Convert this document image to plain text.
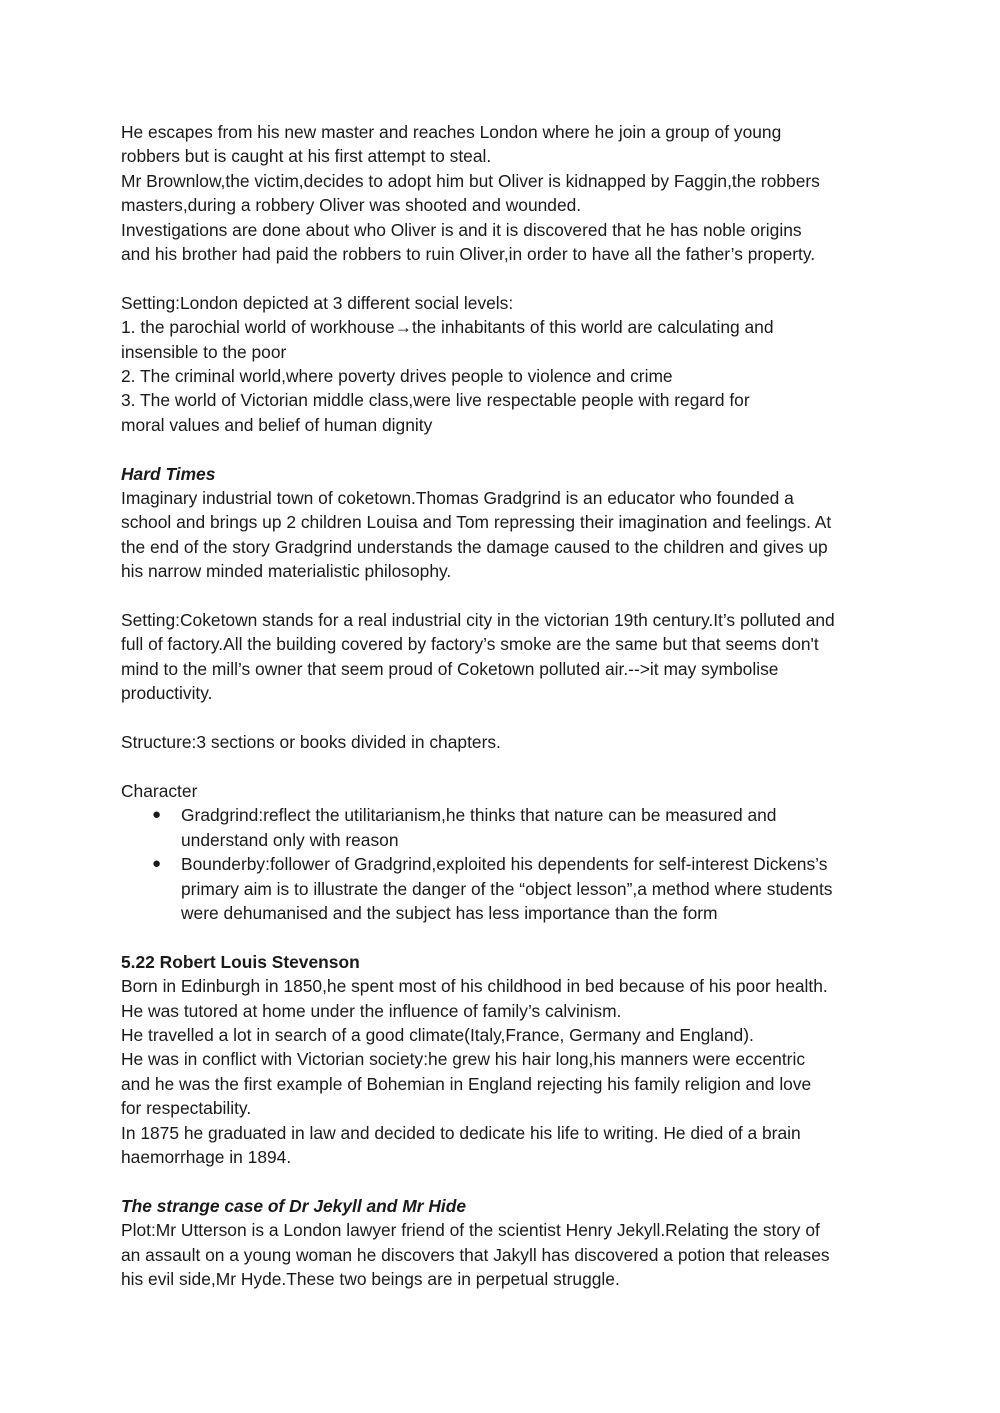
He escapes from his new master and reaches London where he join a group of young
robbers but is caught at his first attempt to steal.
Mr Brownlow,the victim,decides to adopt him but Oliver is kidnapped by Faggin,the robbers
masters,during a robbery Oliver was shooted and wounded.
Investigations are done about who Oliver is and it is discovered that he has noble origins
and his brother had paid the robbers to ruin Oliver,in order to have all the father’s property.
Setting:London depicted at 3 different social levels:
1. the parochial world of workhouse→the inhabitants of this world are calculating and
insensible to the poor
2. The criminal world,where poverty drives people to violence and crime
3. The world of Victorian middle class,were live respectable people with regard for
moral values and belief of human dignity
Hard Times
Imaginary industrial town of coketown.Thomas Gradgrind is an educator who founded a
school and brings up 2 children Louisa and Tom repressing their imagination and feelings. At
the end of the story Gradgrind understands the damage caused to the children and gives up
his narrow minded materialistic philosophy.
Setting:Coketown stands for a real industrial city in the victorian 19th century.It’s polluted and
full of factory.All the building covered by factory’s smoke are the same but that seems don't
mind to the mill’s owner that seem proud of Coketown polluted air.-->it may symbolise
productivity.
Structure:3 sections or books divided in chapters.
Character
● Gradgrind:reflect the utilitarianism,he thinks that nature can be measured and
understand only with reason
● Bounderby:follower of Gradgrind,exploited his dependents for self-interest Dickens’s
primary aim is to illustrate the danger of the “object lesson”,a method where students
were dehumanised and the subject has less importance than the form
5.22 Robert Louis Stevenson
Born in Edinburgh in 1850,he spent most of his childhood in bed because of his poor health.
He was tutored at home under the influence of family’s calvinism.
He travelled a lot in search of a good climate(Italy,France, Germany and England).
He was in conflict with Victorian society:he grew his hair long,his manners were eccentric
and he was the first example of Bohemian in England rejecting his family religion and love
for respectability.
In 1875 he graduated in law and decided to dedicate his life to writing. He died of a brain
haemorrhage in 1894.
The strange case of Dr Jekyll and Mr Hide
Plot:Mr Utterson is a London lawyer friend of the scientist Henry Jekyll.Relating the story of
an assault on a young woman he discovers that Jakyll has discovered a potion that releases
his evil side,Mr Hyde.These two beings are in perpetual struggle.
